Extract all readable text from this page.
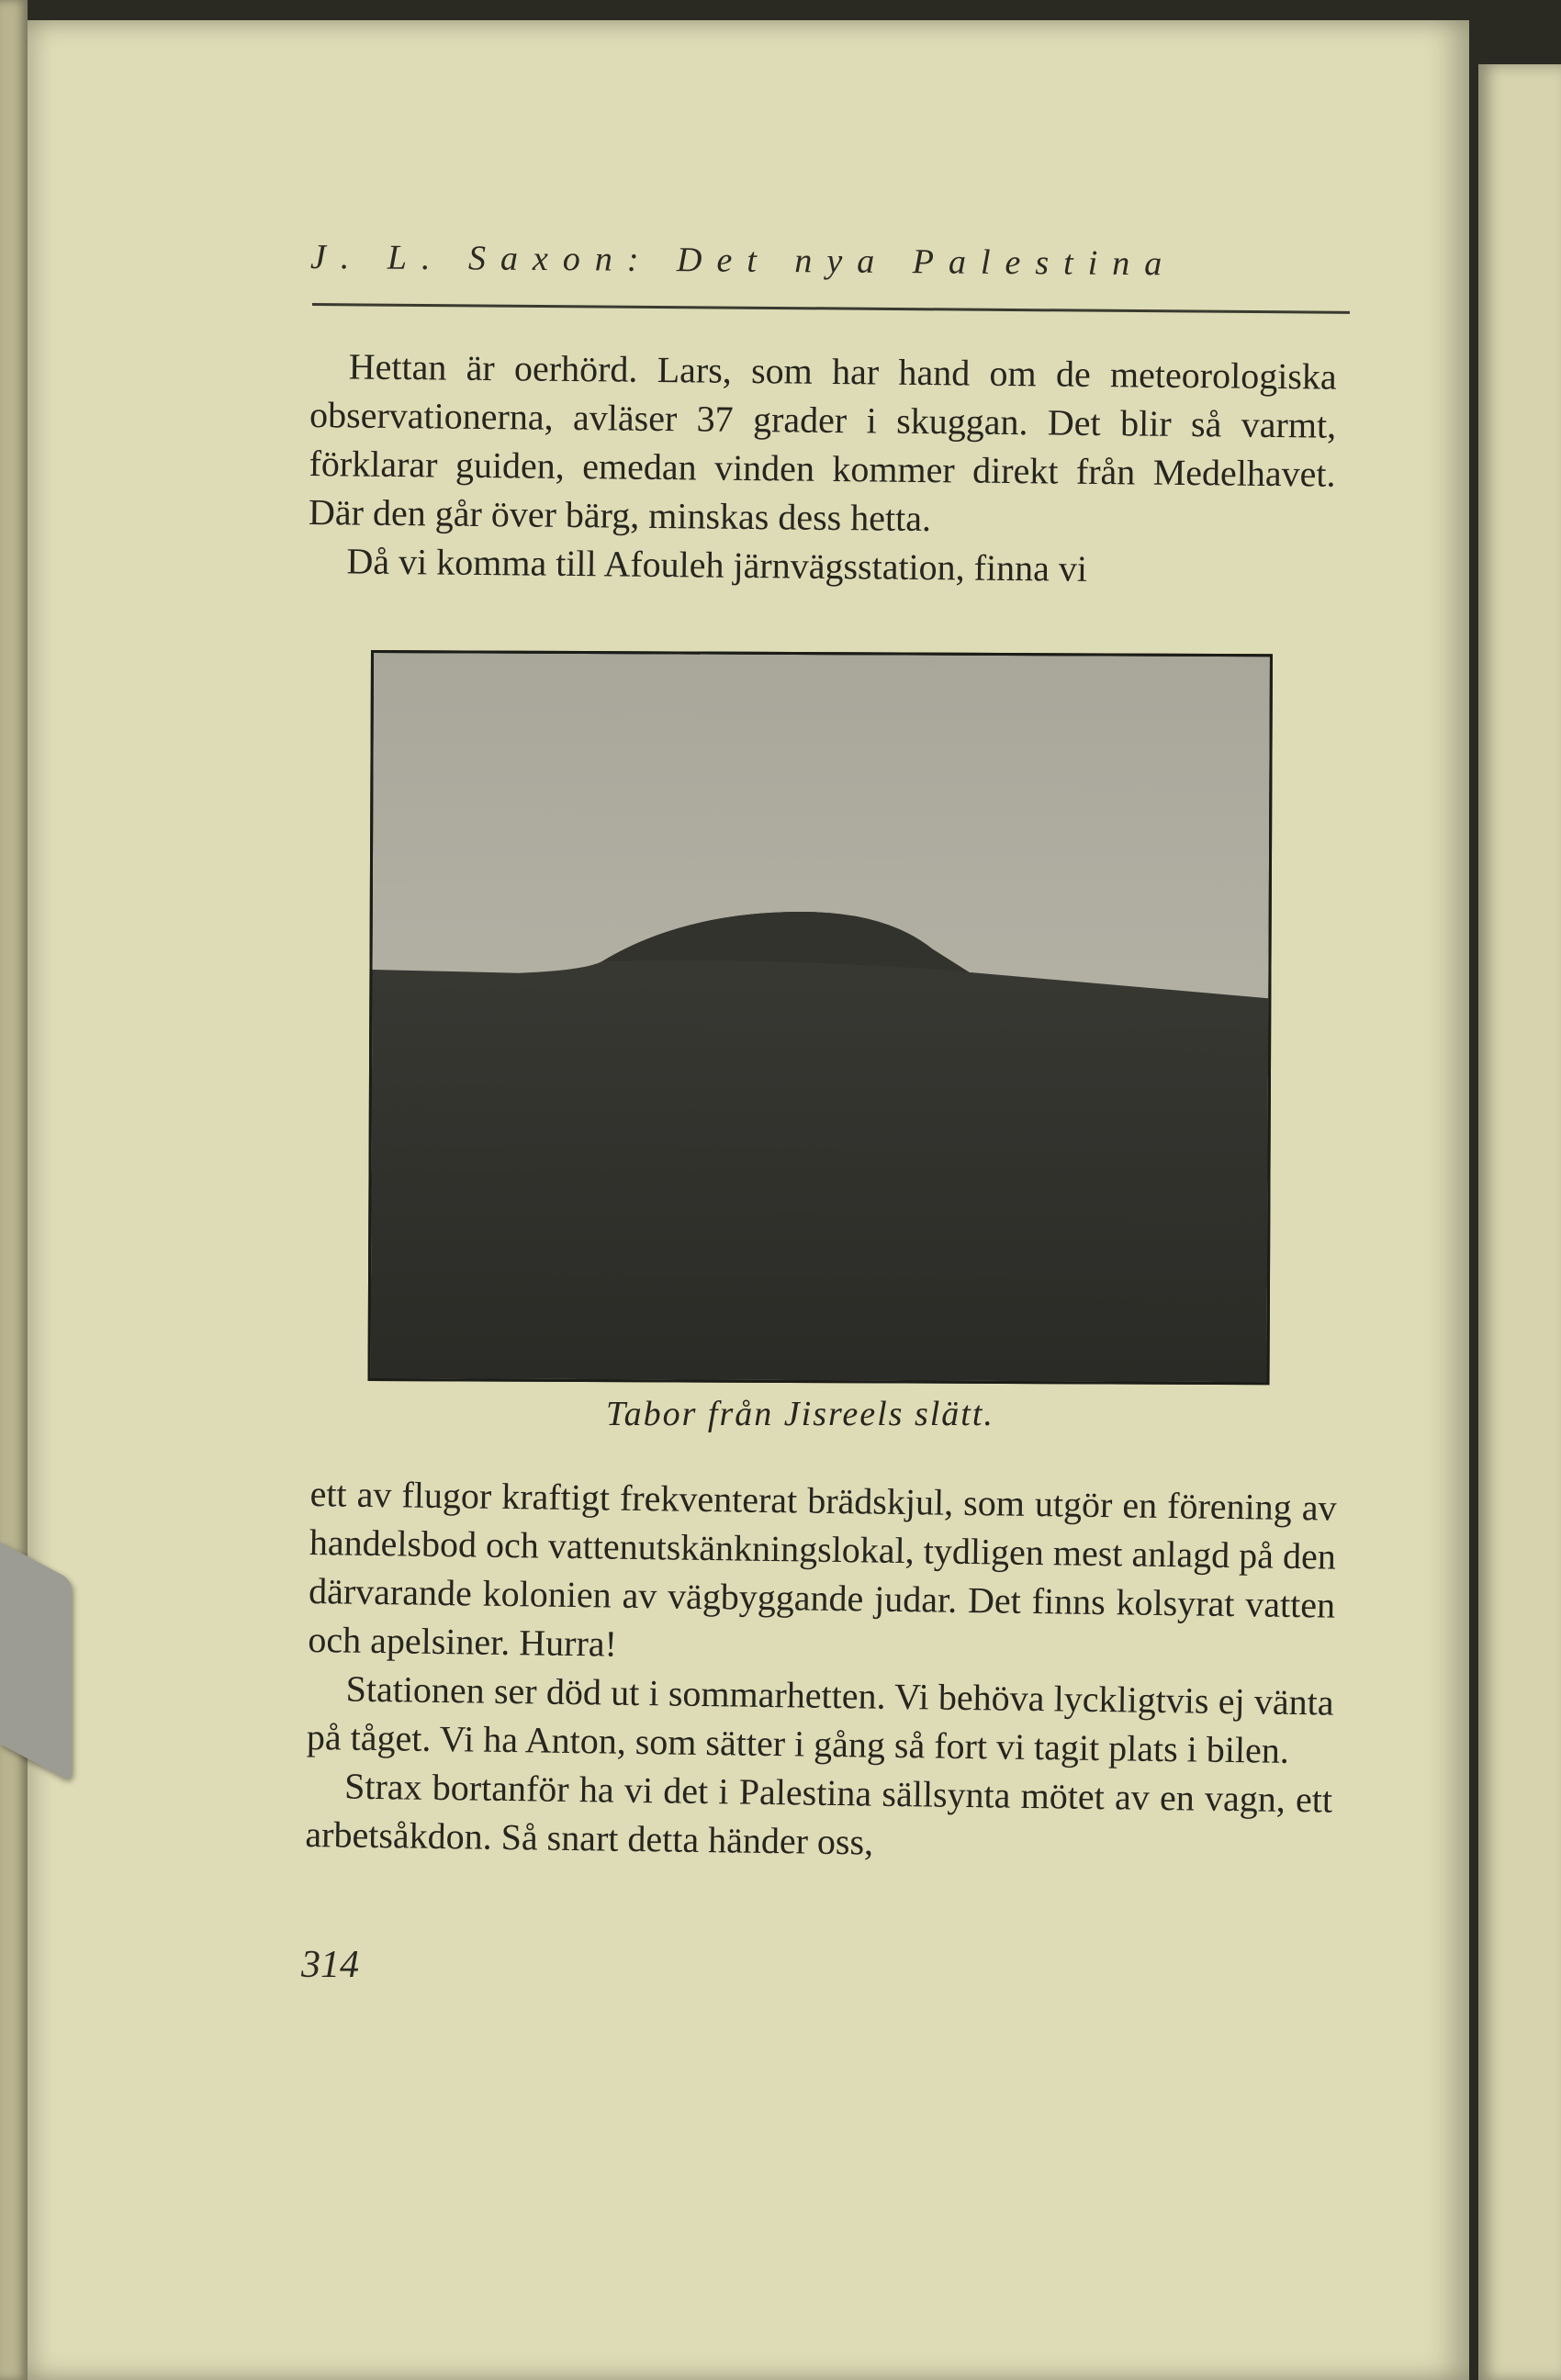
J. L. Saxon: Det nya Palestina

Hettan är oerhörd. Lars, som har hand om de meteorologiska observationerna, avläser 37 grader i skuggan. Det blir så varmt, förklarar guiden, emedan vinden kommer direkt från Medelhavet. Där den går över bärg, minskas dess hetta.

Då vi komma till Afouleh järnvägsstation, finna vi

Tabor från Jisreels slätt.

ett av flugor kraftigt frekventerat brädskjul, som utgör en förening av handelsbod och vattenutskänkningslokal, tydligen mest anlagd på den därvarande kolonien av vägbyggande judar. Det finns kolsyrat vatten och apelsiner. Hurra!

Stationen ser död ut i sommarhetten. Vi behöva lyckligtvis ej vänta på tåget. Vi ha Anton, som sätter i gång så fort vi tagit plats i bilen.

Strax bortanför ha vi det i Palestina sällsynta mötet av en vagn, ett arbetsåkdon. Så snart detta händer oss,

314
